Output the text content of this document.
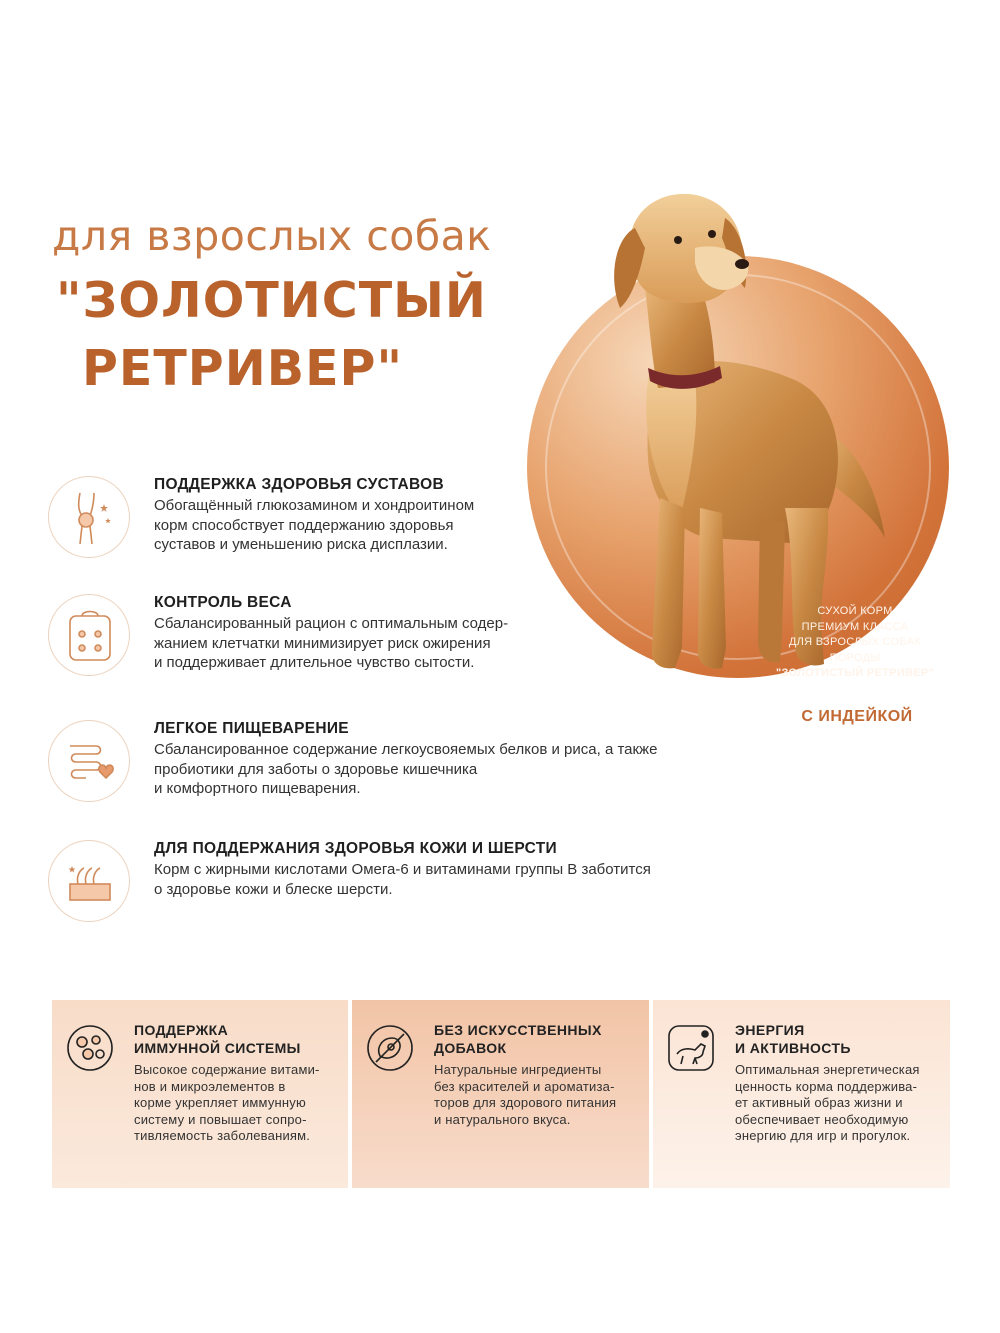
для взрослых собак
"ЗОЛОТИСТЫЙ
РЕТРИВЕР"
СУХОЙ КОРМ
ПРЕМИУМ КЛАССА
ДЛЯ ВЗРОСЛЫХ СОБАК
ПОРОДЫ
"ЗОЛОТИСТЫЙ РЕТРИВЕР"
С ИНДЕЙКОЙ
ПОДДЕРЖКА ЗДОРОВЬЯ СУСТАВОВ
Обогащённый глюкозамином и хондроитином
корм способствует поддержанию здоровья
суставов и уменьшению риска дисплазии.
КОНТРОЛЬ ВЕСА
Сбалансированный рацион с оптимальным содер-
жанием клетчатки минимизирует риск ожирения
и поддерживает длительное чувство сытости.
ЛЕГКОЕ ПИЩЕВАРЕНИЕ
Сбалансированное содержание легкоусвояемых белков и риса, а также
пробиотики для заботы о здоровье кишечника
и комфортного пищеварения.
ДЛЯ ПОДДЕРЖАНИЯ ЗДОРОВЬЯ КОЖИ И ШЕРСТИ
Корм с жирными кислотами Омега-6 и витаминами группы В заботится
о здоровье кожи и блеске шерсти.
ПОДДЕРЖКА
ИММУННОЙ СИСТЕМЫ
Высокое содержание витами-
нов и микроэлементов в
корме укрепляет иммунную
систему и повышает сопро-
тивляемость заболеваниям.
БЕЗ ИСКУССТВЕННЫХ
ДОБАВОК
Натуральные ингредиенты
без красителей и ароматиза-
торов для здорового питания
и натурального вкуса.
ЭНЕРГИЯ
И АКТИВНОСТЬ
Оптимальная энергетическая
ценность корма поддержива-
ет активный образ жизни и
обеспечивает необходимую
энергию для игр и прогулок.
